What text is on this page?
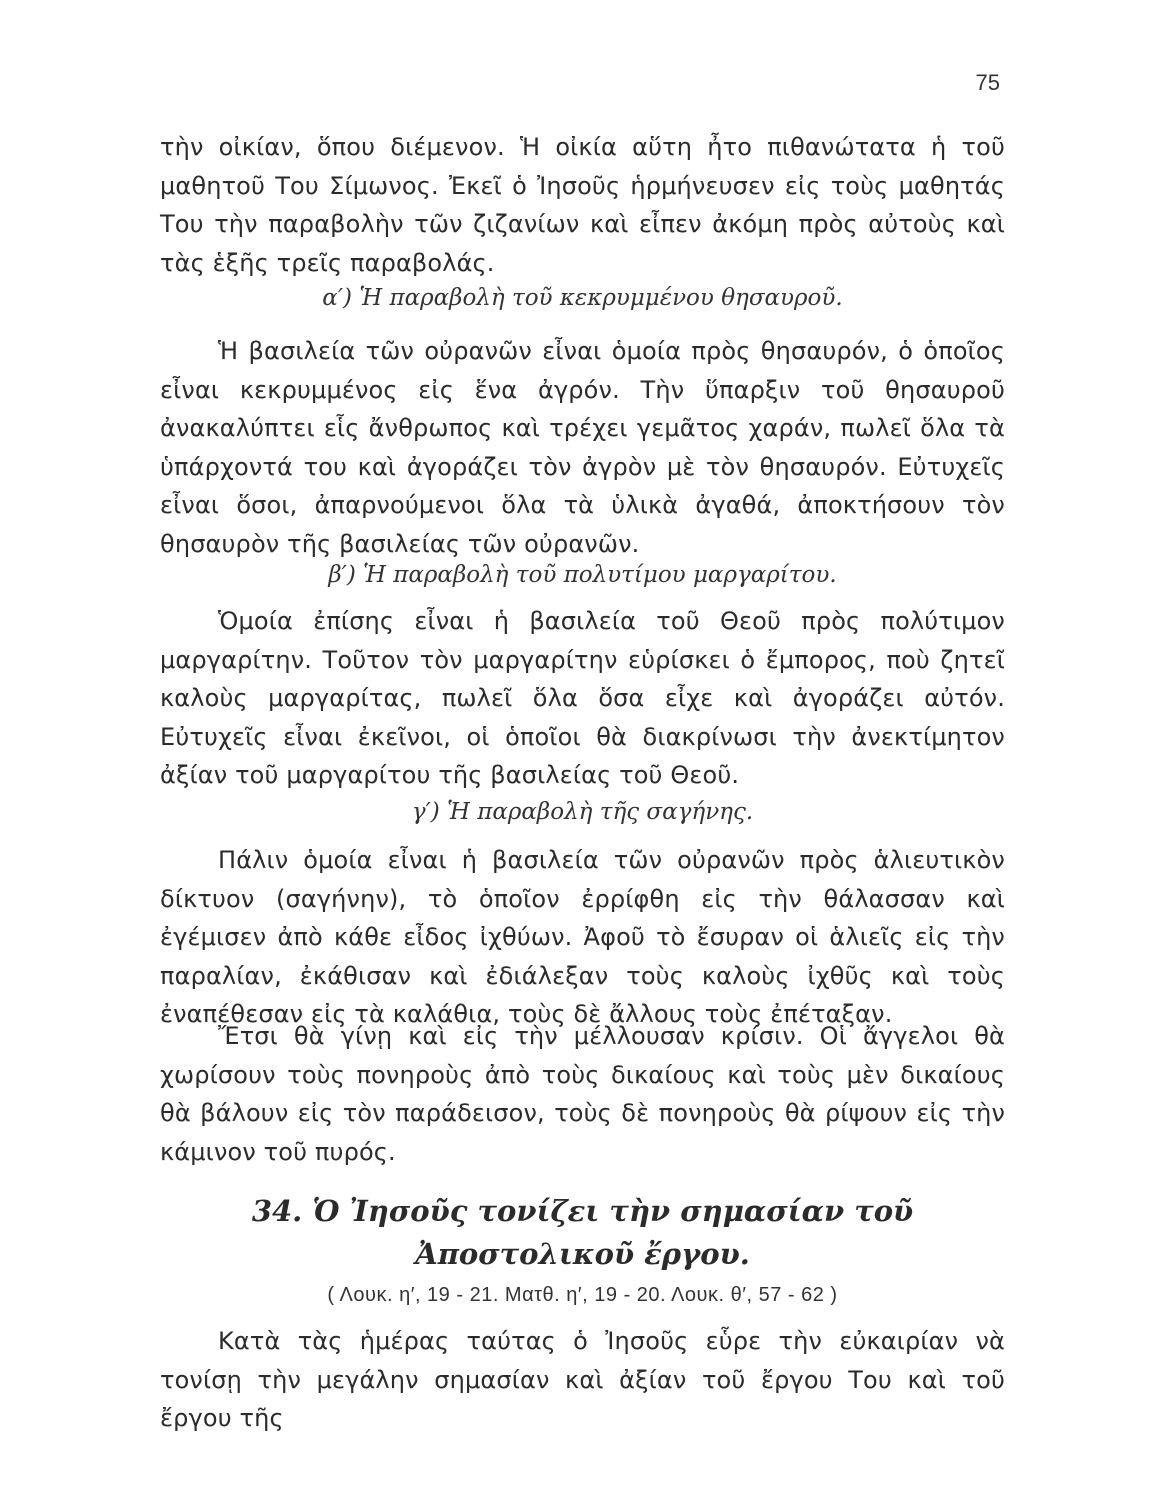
75

τὴν οἰκίαν, ὅπου διέμενον. Ἡ οἰκία αὕτη ἦτο πιθανώτατα ἡ τοῦ μαθητοῦ Του Σίμωνος. Ἐκεῖ ὁ Ἰησοῦς ἡρμήνευσεν εἰς τοὺς μαθητάς Του τὴν παραβολὴν τῶν ζιζανίων καὶ εἶπεν ἀκόμη πρὸς αὐτοὺς καὶ τὰς ἑξῆς τρεῖς παραβολάς.

α′) Ἡ παραβολὴ τοῦ κεκρυμμένου θησαυροῦ.

Ἡ βασιλεία τῶν οὐρανῶν εἶναι ὁμοία πρὸς θησαυρόν, ὁ ὁποῖος εἶναι κεκρυμμένος εἰς ἕνα ἀγρόν. Τὴν ὕπαρξιν τοῦ θησαυροῦ ἀνακαλύπτει εἷς ἄνθρωπος καὶ τρέχει γεμᾶτος χαράν, πωλεῖ ὅλα τὰ ὑπάρχοντά του καὶ ἀγοράζει τὸν ἀγρὸν μὲ τὸν θησαυρόν. Εὐτυχεῖς εἶναι ὅσοι, ἀπαρνούμενοι ὅλα τὰ ὑλικὰ ἀγαθά, ἀποκτήσουν τὸν θησαυρὸν τῆς βασιλείας τῶν οὐρανῶν.

β′) Ἡ παραβολὴ τοῦ πολυτίμου μαργαρίτου.

Ὁμοία ἐπίσης εἶναι ἡ βασιλεία τοῦ Θεοῦ πρὸς πολύτιμον μαργαρίτην. Τοῦτον τὸν μαργαρίτην εὑρίσκει ὁ ἔμπορος, ποὺ ζητεῖ καλοὺς μαργαρίτας, πωλεῖ ὅλα ὅσα εἶχε καὶ ἀγοράζει αὐτόν. Εὐτυχεῖς εἶναι ἐκεῖνοι, οἱ ὁποῖοι θὰ διακρίνωσι τὴν ἀνεκτίμητον ἀξίαν τοῦ μαργαρίτου τῆς βασιλείας τοῦ Θεοῦ.

γ′) Ἡ παραβολὴ τῆς σαγήνης.

Πάλιν ὁμοία εἶναι ἡ βασιλεία τῶν οὐρανῶν πρὸς ἁλιευτικὸν δίκτυον (σαγήνην), τὸ ὁποῖον ἐρρίφθη εἰς τὴν θάλασσαν καὶ ἐγέμισεν ἀπὸ κάθε εἶδος ἰχθύων. Ἀφοῦ τὸ ἔσυραν οἱ ἁλιεῖς εἰς τὴν παραλίαν, ἐκάθισαν καὶ ἐδιάλεξαν τοὺς καλοὺς ἰχθῦς καὶ τοὺς ἐναπέθεσαν εἰς τὰ καλάθια, τοὺς δὲ ἄλλους τοὺς ἐπέταξαν.

Ἔτσι θὰ γίνῃ καὶ εἰς τὴν μέλλουσαν κρίσιν. Οἱ ἄγγελοι θὰ χωρίσουν τοὺς πονηροὺς ἀπὸ τοὺς δικαίους καὶ τοὺς μὲν δικαίους θὰ βάλουν εἰς τὸν παράδεισον, τοὺς δὲ πονηροὺς θὰ ρίψουν εἰς τὴν κάμινον τοῦ πυρός.

34. Ὁ Ἰησοῦς τονίζει τὴν σημασίαν τοῦ Ἀποστολικοῦ ἔργου.

( Λουκ. η′, 19 - 21. Ματθ. η′, 19 - 20. Λουκ. θ′, 57 - 62 )

Κατὰ τὰς ἡμέρας ταύτας ὁ Ἰησοῦς εὗρε τὴν εὐκαιρίαν νὰ τονίσῃ τὴν μεγάλην σημασίαν καὶ ἀξίαν τοῦ ἔργου Του καὶ τοῦ ἔργου τῆς
